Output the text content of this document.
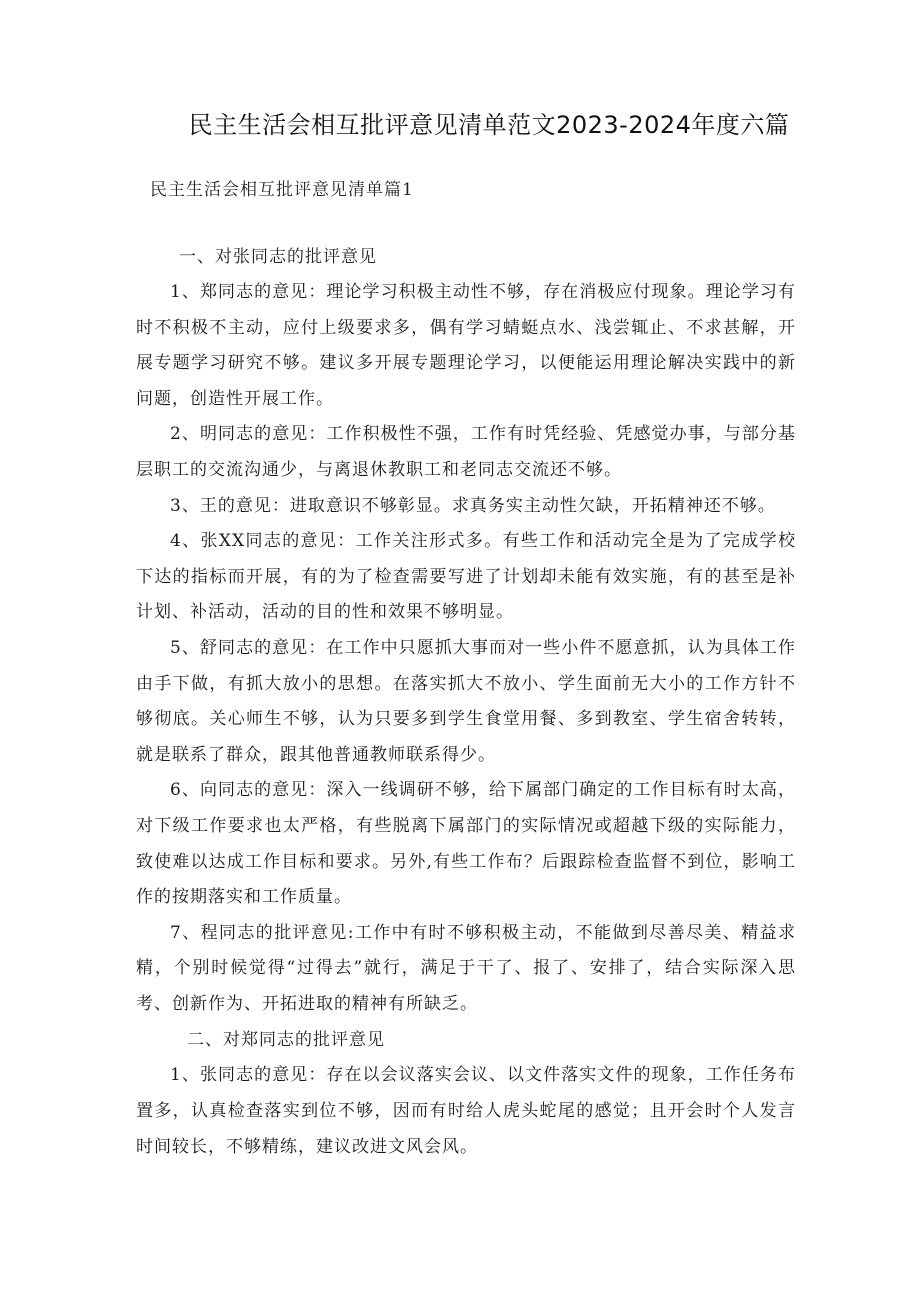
民主生活会相互批评意见清单范文2023-2024年度六篇
民主生活会相互批评意见清单篇1
一、对张同志的批评意见

1、郑同志的意见：理论学习积极主动性不够，存在消极应付现象。理论学习有时不积极不主动，应付上级要求多，偶有学习蜻蜓点水、浅尝辄止、不求甚解，开展专题学习研究不够。建议多开展专题理论学习，以便能运用理论解决实践中的新问题，创造性开展工作。

2、明同志的意见：工作积极性不强，工作有时凭经验、凭感觉办事，与部分基层职工的交流沟通少，与离退休教职工和老同志交流还不够。

3、王的意见：进取意识不够彰显。求真务实主动性欠缺，开拓精神还不够。

4、张XX同志的意见：工作关注形式多。有些工作和活动完全是为了完成学校下达的指标而开展，有的为了检查需要写进了计划却未能有效实施，有的甚至是补计划、补活动，活动的目的性和效果不够明显。

5、舒同志的意见：在工作中只愿抓大事而对一些小件不愿意抓，认为具体工作由手下做，有抓大放小的思想。在落实抓大不放小、学生面前无大小的工作方针不够彻底。关心师生不够，认为只要多到学生食堂用餐、多到教室、学生宿舍转转，就是联系了群众，跟其他普通教师联系得少。

6、向同志的意见：深入一线调研不够，给下属部门确定的工作目标有时太高，对下级工作要求也太严格，有些脱离下属部门的实际情况或超越下级的实际能力，致使难以达成工作目标和要求。另外,有些工作布？后跟踪检查监督不到位，影响工作的按期落实和工作质量。

7、程同志的批评意见:工作中有时不够积极主动，不能做到尽善尽美、精益求精，个别时候觉得“过得去”就行，满足于干了、报了、安排了，结合实际深入思考、创新作为、开拓进取的精神有所缺乏。

二、对郑同志的批评意见

1、张同志的意见：存在以会议落实会议、以文件落实文件的现象，工作任务布置多，认真检查落实到位不够，因而有时给人虎头蛇尾的感觉；且开会时个人发言时间较长，不够精练，建议改进文风会风。
